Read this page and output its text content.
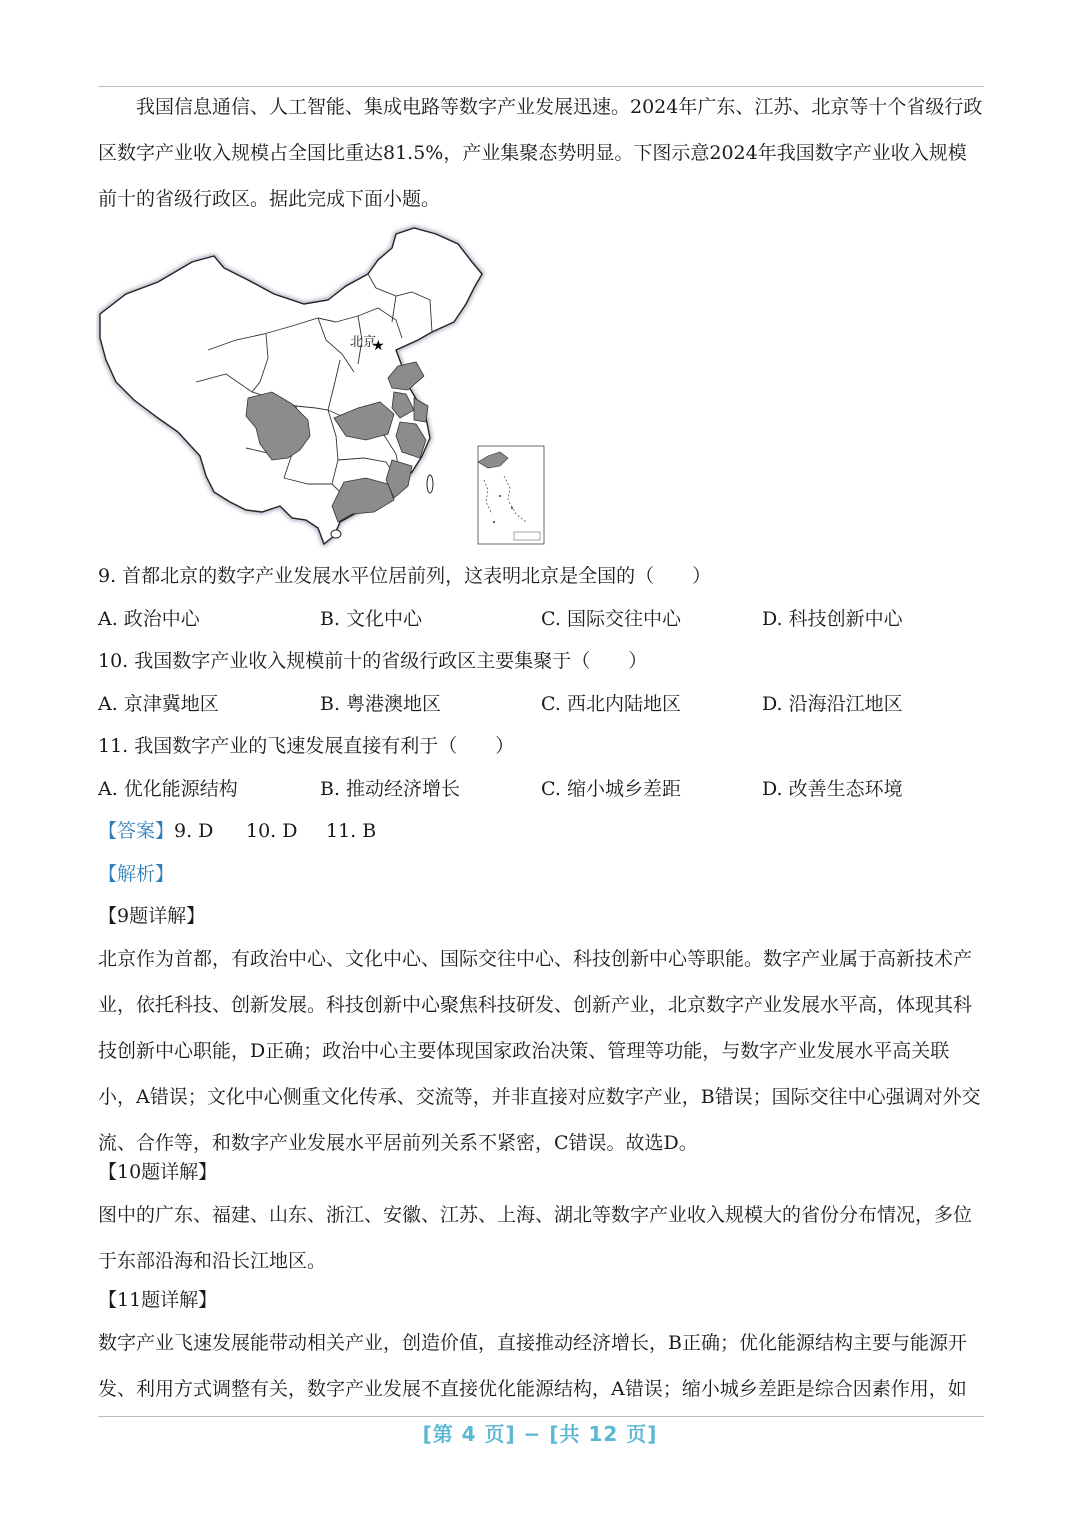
我国信息通信、人工智能、集成电路等数字产业发展迅速。2024年广东、江苏、北京等十个省级行政区数字产业收入规模占全国比重达81.5%，产业集聚态势明显。下图示意2024年我国数字产业收入规模前十的省级行政区。据此完成下面小题。

北京
★
9. 首都北京的数字产业发展水平位居前列，这表明北京是全国的（　　）
A. 政治中心	B. 文化中心	C. 国际交往中心	D. 科技创新中心
10. 我国数字产业收入规模前十的省级行政区主要集聚于（　　）
A. 京津冀地区	B. 粤港澳地区	C. 西北内陆地区	D. 沿海沿江地区
11. 我国数字产业的飞速发展直接有利于（　　）
A. 优化能源结构	B. 推动经济增长	C. 缩小城乡差距	D. 改善生态环境
【答案】 9. D 10. D 11. B
【解析】
【9题详解】

北京作为首都，有政治中心、文化中心、国际交往中心、科技创新中心等职能。数字产业属于高新技术产业，依托科技、创新发展。科技创新中心聚焦科技研发、创新产业，北京数字产业发展水平高，体现其科技创新中心职能，D正确；政治中心主要体现国家政治决策、管理等功能，与数字产业发展水平高关联小，A错误；文化中心侧重文化传承、交流等，并非直接对应数字产业，B错误；国际交往中心强调对外交流、合作等，和数字产业发展水平居前列关系不紧密，C错误。故选D。

【10题详解】

图中的广东、福建、山东、浙江、安徽、江苏、上海、湖北等数字产业收入规模大的省份分布情况，多位于东部沿海和沿长江地区。

【11题详解】

数字产业飞速发展能带动相关产业，创造价值，直接推动经济增长，B正确；优化能源结构主要与能源开发、利用方式调整有关，数字产业发展不直接优化能源结构，A错误；缩小城乡差距是综合因素作用，如

[第 4 页] − [共 12 页]
